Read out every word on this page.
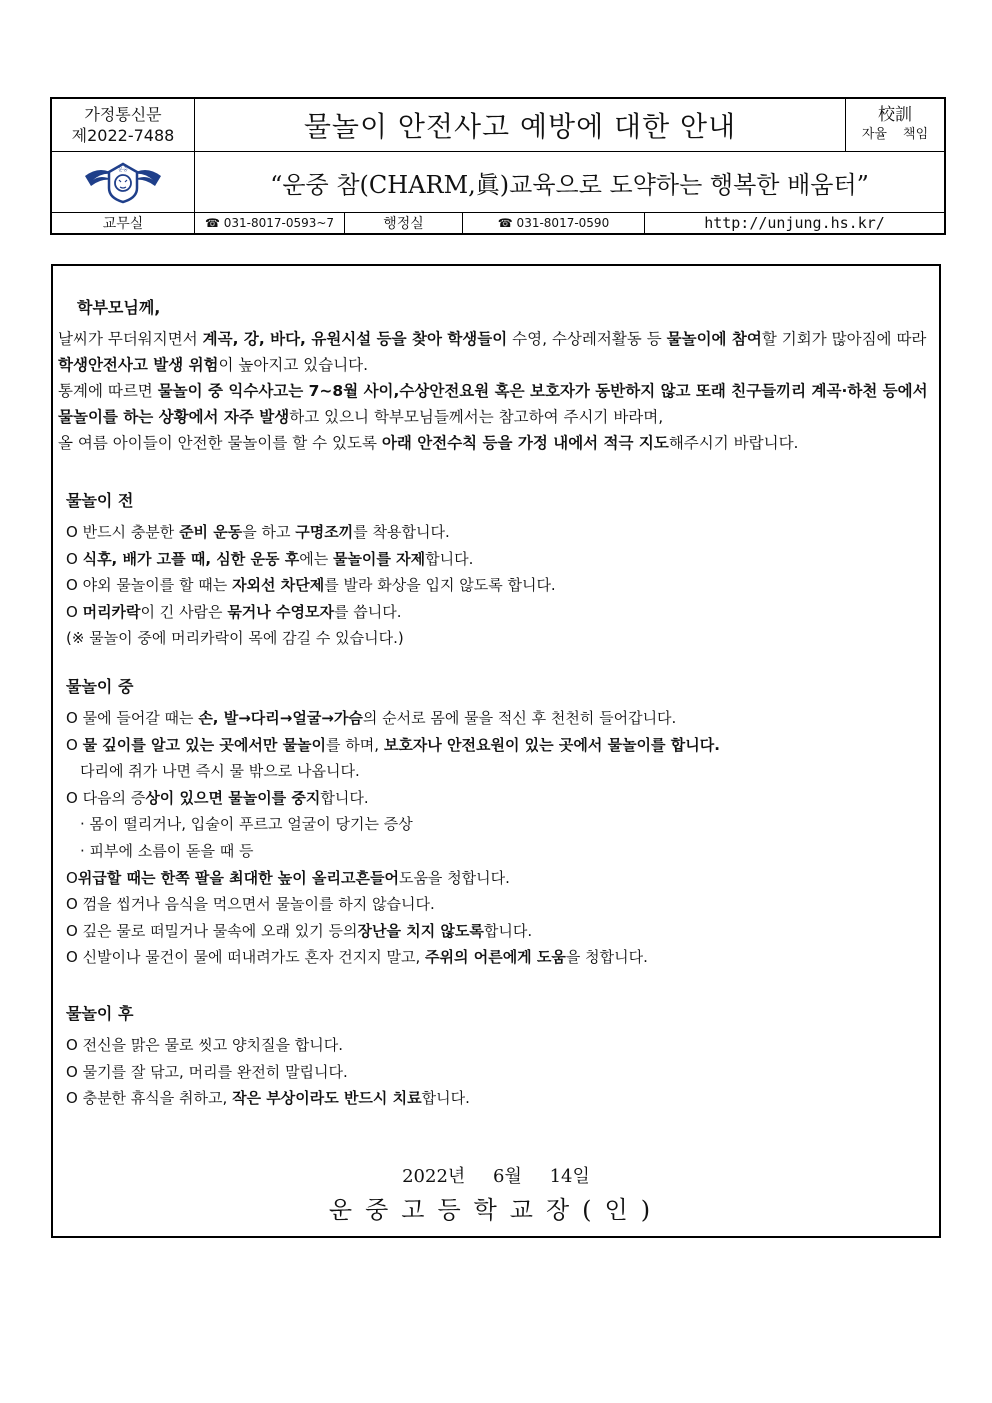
가정통신문
제2022-7488	물놀이 안전사고 예방에 대한 안내	校訓
자율 책임
운중
“운중 참(CHARM,眞)교육으로 도약하는 행복한 배움터”
교무실	☎ 031-8017-0593~7	행정실	☎ 031-8017-0590	http://unjung.hs.kr/
학부모님께,

날씨가 무더워지면서 계곡, 강, 바다, 유원시설 등을 찾아 학생들이 수영, 수상레저활동 등 물놀이에 참여할 기회가 많아짐에 따라 학생안전사고 발생 위험이 높아지고 있습니다.

통계에 따르면 물놀이 중 익수사고는 7~8월 사이,수상안전요원 혹은 보호자가 동반하지 않고 또래 친구들끼리 계곡·하천 등에서 물놀이를 하는 상황에서 자주 발생하고 있으니 학부모님들께서는 참고하여 주시기 바라며,

올 여름 아이들이 안전한 물놀이를 할 수 있도록 아래 안전수칙 등을 가정 내에서 적극 지도해주시기 바랍니다.

물놀이 전
O 반드시 충분한 준비 운동을 하고 구명조끼를 착용합니다.
O 식후, 배가 고플 때, 심한 운동 후에는 물놀이를 자제합니다.
O 야외 물놀이를 할 때는 자외선 차단제를 발라 화상을 입지 않도록 합니다.
O 머리카락이 긴 사람은 묶거나 수영모자를 씁니다.
(※ 물놀이 중에 머리카락이 목에 감길 수 있습니다.)
물놀이 중
O 물에 들어갈 때는 손, 발→다리→얼굴→가슴의 순서로 몸에 물을 적신 후 천천히 들어갑니다.
O 물 깊이를 알고 있는 곳에서만 물놀이를 하며, 보호자나 안전요원이 있는 곳에서 물놀이를 합니다.
다리에 쥐가 나면 즉시 물 밖으로 나옵니다.
O 다음의 증상이 있으면 물놀이를 중지합니다.
· 몸이 떨리거나, 입술이 푸르고 얼굴이 당기는 증상
· 피부에 소름이 돋을 때 등
O위급할 때는 한쪽 팔을 최대한 높이 올리고흔들어도움을 청합니다.
O 껌을 씹거나 음식을 먹으면서 물놀이를 하지 않습니다.
O 깊은 물로 떠밀거나 물속에 오래 있기 등의장난을 치지 않도록합니다.
O 신발이나 물건이 물에 떠내려가도 혼자 건지지 말고, 주위의 어른에게 도움을 청합니다.
물놀이 후
O 전신을 맑은 물로 씻고 양치질을 합니다.
O 물기를 잘 닦고, 머리를 완전히 말립니다.
O 충분한 휴식을 취하고, 작은 부상이라도 반드시 치료합니다.
2022년 6월 14일
운중고등학교장(인)
